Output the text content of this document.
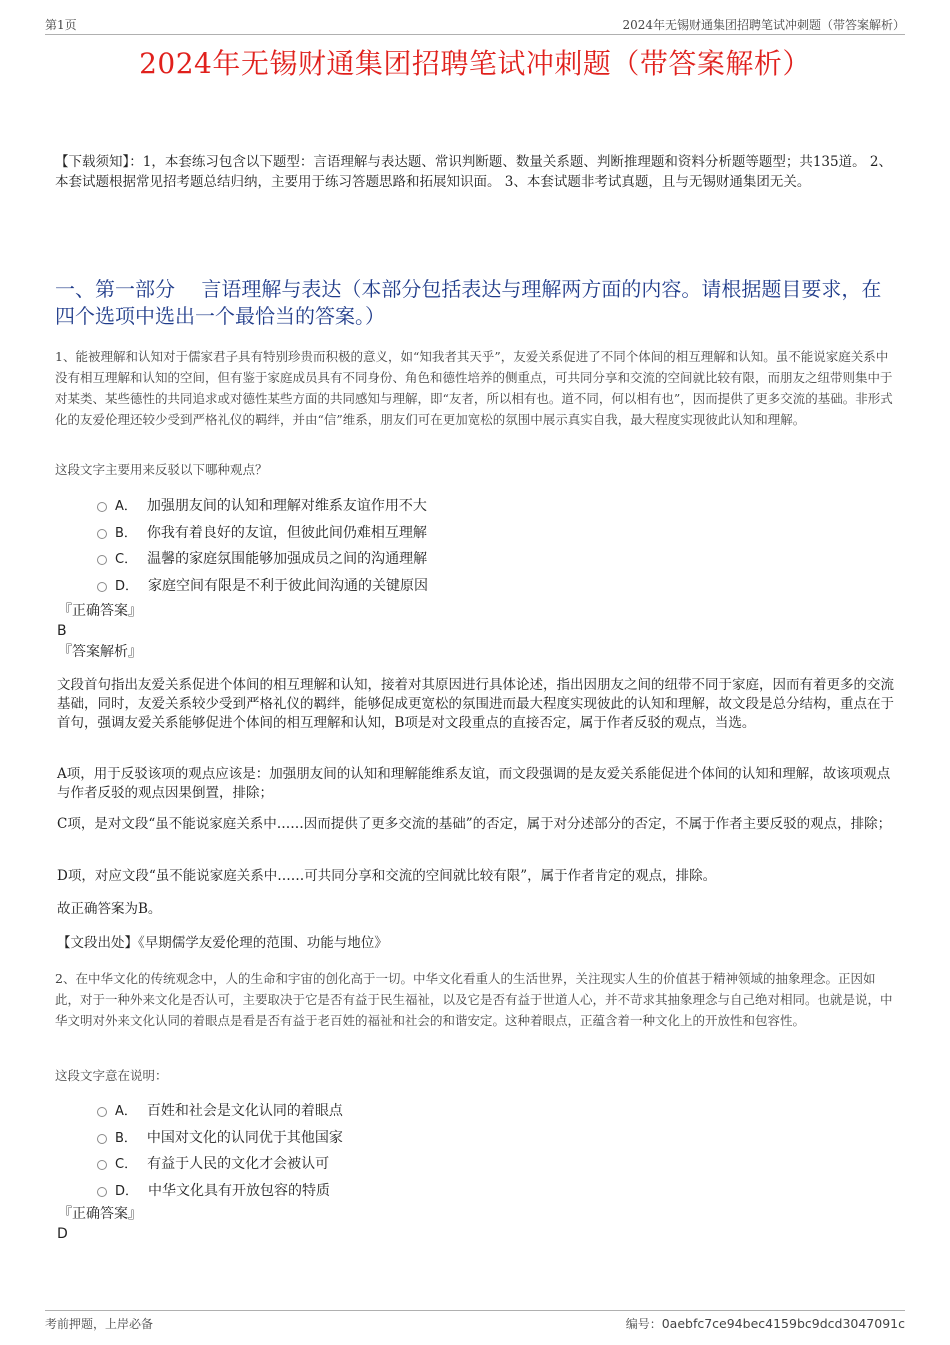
第1页	2024年无锡财通集团招聘笔试冲刺题（带答案解析）
2024年无锡财通集团招聘笔试冲刺题（带答案解析）
【下载须知】：1，本套练习包含以下题型：言语理解与表达题、常识判断题、数量关系题、判断推理题和资料分析题等题型；共135道。 2、本套试题根据常见招考题总结归纳，主要用于练习答题思路和拓展知识面。 3、本套试题非考试真题，且与无锡财通集团无关。
一、第一部分　 言语理解与表达（本部分包括表达与理解两方面的内容。请根据题目要求，在四个选项中选出一个最恰当的答案。）
1、能被理解和认知对于儒家君子具有特别珍贵而积极的意义，如“知我者其天乎”，友爱关系促进了不同个体间的相互理解和认知。虽不能说家庭关系中没有相互理解和认知的空间，但有鉴于家庭成员具有不同身份、角色和德性培养的侧重点，可共同分享和交流的空间就比较有限，而朋友之纽带则集中于对某类、某些德性的共同追求或对德性某些方面的共同感知与理解，即“友者，所以相有也。道不同，何以相有也”，因而提供了更多交流的基础。非形式化的友爱伦理还较少受到严格礼仪的羁绊，并由“信”维系，朋友们可在更加宽松的氛围中展示真实自我，最大程度实现彼此认知和理解。
这段文字主要用来反驳以下哪种观点？
A． 加强朋友间的认知和理解对维系友谊作用不大
B． 你我有着良好的友谊，但彼此间仍难相互理解
C． 温馨的家庭氛围能够加强成员之间的沟通理解
D． 家庭空间有限是不利于彼此间沟通的关键原因
『正确答案』
B
『答案解析』
文段首句指出友爱关系促进个体间的相互理解和认知，接着对其原因进行具体论述，指出因朋友之间的纽带不同于家庭，因而有着更多的交流基础，同时，友爱关系较少受到严格礼仪的羁绊，能够促成更宽松的氛围进而最大程度实现彼此的认知和理解，故文段是总分结构，重点在于首句，强调友爱关系能够促进个体间的相互理解和认知，B项是对文段重点的直接否定，属于作者反驳的观点，当选。
A项，用于反驳该项的观点应该是：加强朋友间的认知和理解能维系友谊，而文段强调的是友爱关系能促进个体间的认知和理解，故该项观点与作者反驳的观点因果倒置，排除；
C项，是对文段“虽不能说家庭关系中……因而提供了更多交流的基础”的否定，属于对分述部分的否定，不属于作者主要反驳的观点，排除；
D项，对应文段“虽不能说家庭关系中……可共同分享和交流的空间就比较有限”，属于作者肯定的观点，排除。
故正确答案为B。
【文段出处】《早期儒学友爱伦理的范围、功能与地位》
2、在中华文化的传统观念中，人的生命和宇宙的创化高于一切。中华文化看重人的生活世界，关注现实人生的价值甚于精神领域的抽象理念。正因如此，对于一种外来文化是否认可，主要取决于它是否有益于民生福祉，以及它是否有益于世道人心，并不苛求其抽象理念与自己绝对相同。也就是说，中华文明对外来文化认同的着眼点是看是否有益于老百姓的福祉和社会的和谐安定。这种着眼点，正蕴含着一种文化上的开放性和包容性。
这段文字意在说明：
A． 百姓和社会是文化认同的着眼点
B． 中国对文化的认同优于其他国家
C． 有益于人民的文化才会被认可
D． 中华文化具有开放包容的特质
『正确答案』
D
考前押题，上岸必备	编号：0aebfc7ce94bec4159bc9dcd3047091c
